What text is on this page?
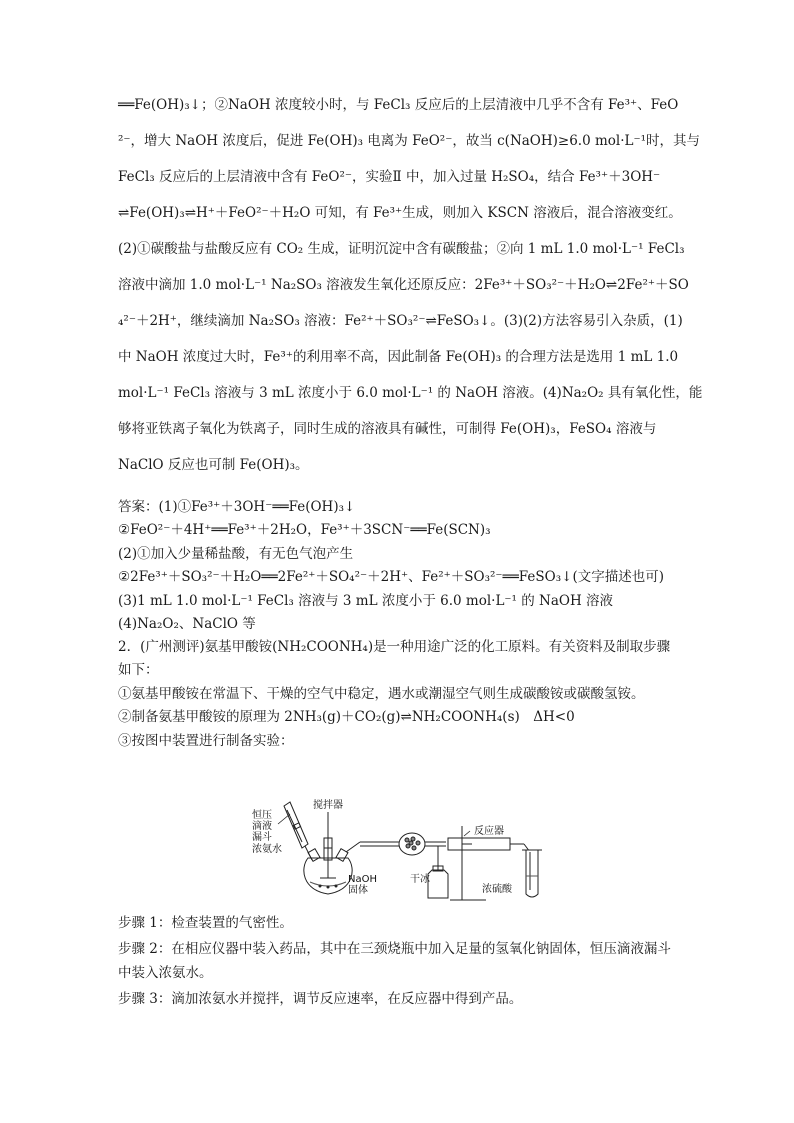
══Fe(OH)₃↓；②NaOH 浓度较小时，与 FeCl₃ 反应后的上层清液中几乎不含有 Fe³⁺、FeO

²⁻，增大 NaOH 浓度后，促进 Fe(OH)₃ 电离为 FeO²⁻，故当 c(NaOH)≥6.0 mol·L⁻¹时，其与

FeCl₃ 反应后的上层清液中含有 FeO²⁻，实验Ⅱ 中，加入过量 H₂SO₄，结合 Fe³⁺＋3OH⁻

⇌Fe(OH)₃⇌H⁺＋FeO²⁻＋H₂O 可知，有 Fe³⁺生成，则加入 KSCN 溶液后，混合溶液变红。

(2)①碳酸盐与盐酸反应有 CO₂ 生成，证明沉淀中含有碳酸盐；②向 1 mL 1.0 mol·L⁻¹ FeCl₃

溶液中滴加 1.0 mol·L⁻¹ Na₂SO₃ 溶液发生氧化还原反应：2Fe³⁺＋SO₃²⁻＋H₂O⇌2Fe²⁺＋SO

₄²⁻＋2H⁺，继续滴加 Na₂SO₃ 溶液：Fe²⁺＋SO₃²⁻⇌FeSO₃↓。(3)(2)方法容易引入杂质，(1)

中 NaOH 浓度过大时，Fe³⁺的利用率不高，因此制备 Fe(OH)₃ 的合理方法是选用 1 mL 1.0

mol·L⁻¹ FeCl₃ 溶液与 3 mL 浓度小于 6.0 mol·L⁻¹ 的 NaOH 溶液。(4)Na₂O₂ 具有氧化性，能

够将亚铁离子氧化为铁离子，同时生成的溶液具有碱性，可制得 Fe(OH)₃，FeSO₄ 溶液与

NaClO 反应也可制 Fe(OH)₃。

答案：(1)①Fe³⁺＋3OH⁻══Fe(OH)₃↓

②FeO²⁻＋4H⁺══Fe³⁺＋2H₂O，Fe³⁺＋3SCN⁻══Fe(SCN)₃

(2)①加入少量稀盐酸，有无色气泡产生

②2Fe³⁺＋SO₃²⁻＋H₂O══2Fe²⁺＋SO₄²⁻＋2H⁺、Fe²⁺＋SO₃²⁻══FeSO₃↓(文字描述也可)

(3)1 mL 1.0 mol·L⁻¹ FeCl₃ 溶液与 3 mL 浓度小于 6.0 mol·L⁻¹ 的 NaOH 溶液

(4)Na₂O₂、NaClO 等

2．(广州测评)氨基甲酸铵(NH₂COONH₄)是一种用途广泛的化工原料。有关资料及制取步骤

如下：

①氨基甲酸铵在常温下、干燥的空气中稳定，遇水或潮湿空气则生成碳酸铵或碳酸氢铵。

②制备氨基甲酸铵的原理为 2NH₃(g)＋CO₂(g)⇌NH₂COONH₄(s)　ΔH<0

③按图中装置进行制备实验：

恒压
滴液
漏斗
浓氨水
搅拌器
NaOH
固体
干冰
反应器
浓硫酸

步骤 1：检查装置的气密性。

步骤 2：在相应仪器中装入药品，其中在三颈烧瓶中加入足量的氢氧化钠固体，恒压滴液漏斗中装入浓氨水。

步骤 3：滴加浓氨水并搅拌，调节反应速率，在反应器中得到产品。
